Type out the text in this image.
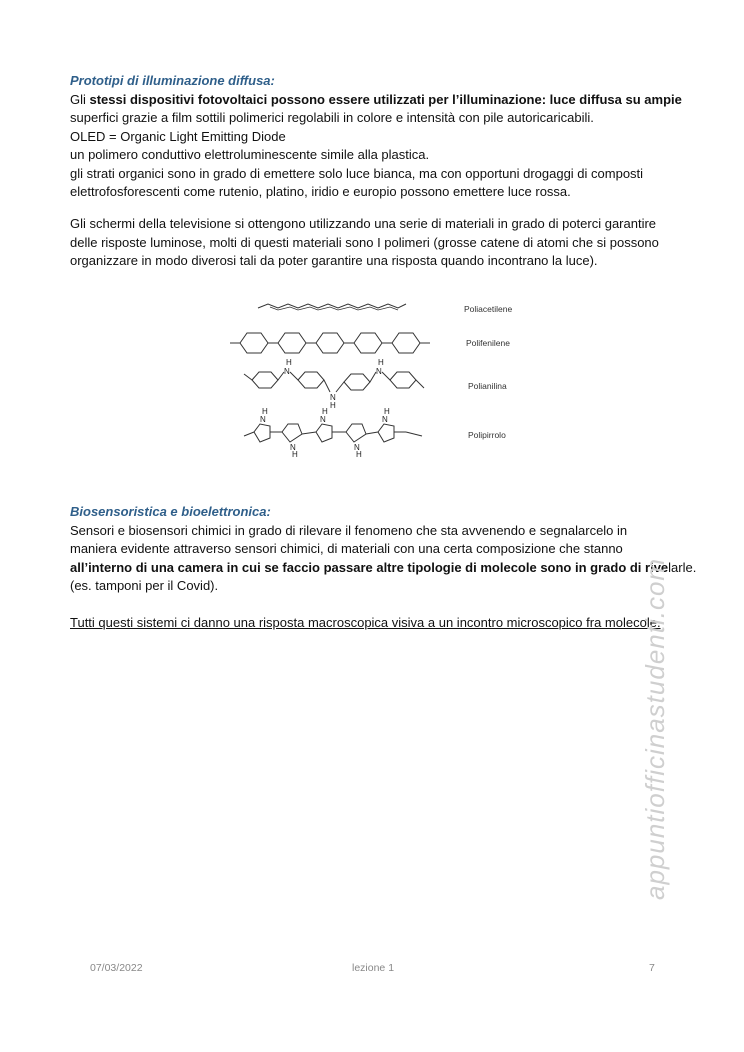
Prototipi di illuminazione diffusa:
Gli stessi dispositivi fotovoltaici possono essere utilizzati per l’illuminazione: luce diffusa su ampie
superfici grazie a film sottili polimerici regolabili in colore e intensità con pile autoricaricabili.
OLED = Organic Light Emitting Diode
un polimero conduttivo elettroluminescente simile alla plastica.
gli strati organici sono in grado di emettere solo luce bianca, ma con opportuni drogaggi di composti
elettrofosforescenti come rutenio, platino, iridio e europio possono emettere luce rossa.
Gli schermi della televisione si ottengono utilizzando una serie di materiali in grado di poterci garantire
delle risposte luminose, molti di questi materiali sono I polimeri (grosse catene di atomi che si possono
organizzare in modo diverosi tali da poter garantire una risposta quando incontrano la luce).
H
N
N
H
H
N
H
N
N
H
H
N
N
H
H
N
Poliacetilene
Polifenilene
Polianilina
Polipirrolo
Biosensoristica e bioelettronica:
Sensori e biosensori chimici in grado di rilevare il fenomeno che sta avvenendo e segnalarcelo in
maniera evidente attraverso sensori chimici, di materiali con una certa composizione che stanno
all’interno di una camera in cui se faccio passare altre tipologie di molecole sono in grado di rivelarle.
(es. tamponi per il Covid).
Tutti questi sistemi ci danno una risposta macroscopica visiva a un incontro microscopico fra molecole.
appuntiofficinastudenti.com
07/03/2022	lezione 1	7
